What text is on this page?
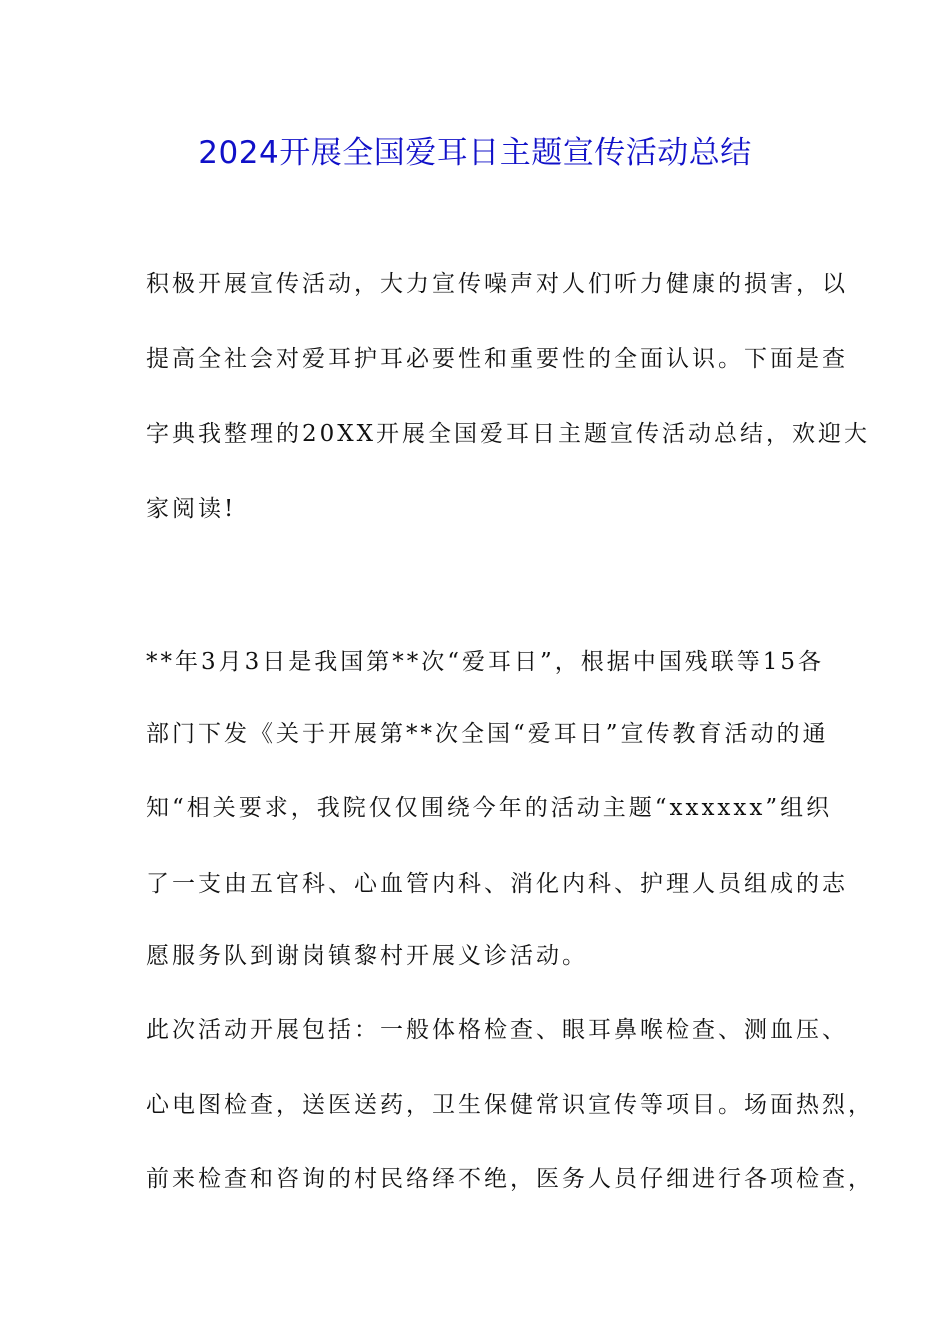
2024开展全国爱耳日主题宣传活动总结
积极开展宣传活动，大力宣传噪声对人们听力健康的损害，以
提高全社会对爱耳护耳必要性和重要性的全面认识。下面是查
字典我整理的20XX开展全国爱耳日主题宣传活动总结，欢迎大
家阅读!
**年3月3日是我国第**次“爱耳日”，根据中国残联等15各
部门下发《关于开展第**次全国“爱耳日”宣传教育活动的通
知“相关要求，我院仅仅围绕今年的活动主题“xxxxxx”组织
了一支由五官科、心血管内科、消化内科、护理人员组成的志
愿服务队到谢岗镇黎村开展义诊活动。
此次活动开展包括：一般体格检查、眼耳鼻喉检查、测血压、
心电图检查，送医送药，卫生保健常识宣传等项目。场面热烈，
前来检查和咨询的村民络绎不绝，医务人员仔细进行各项检查，
